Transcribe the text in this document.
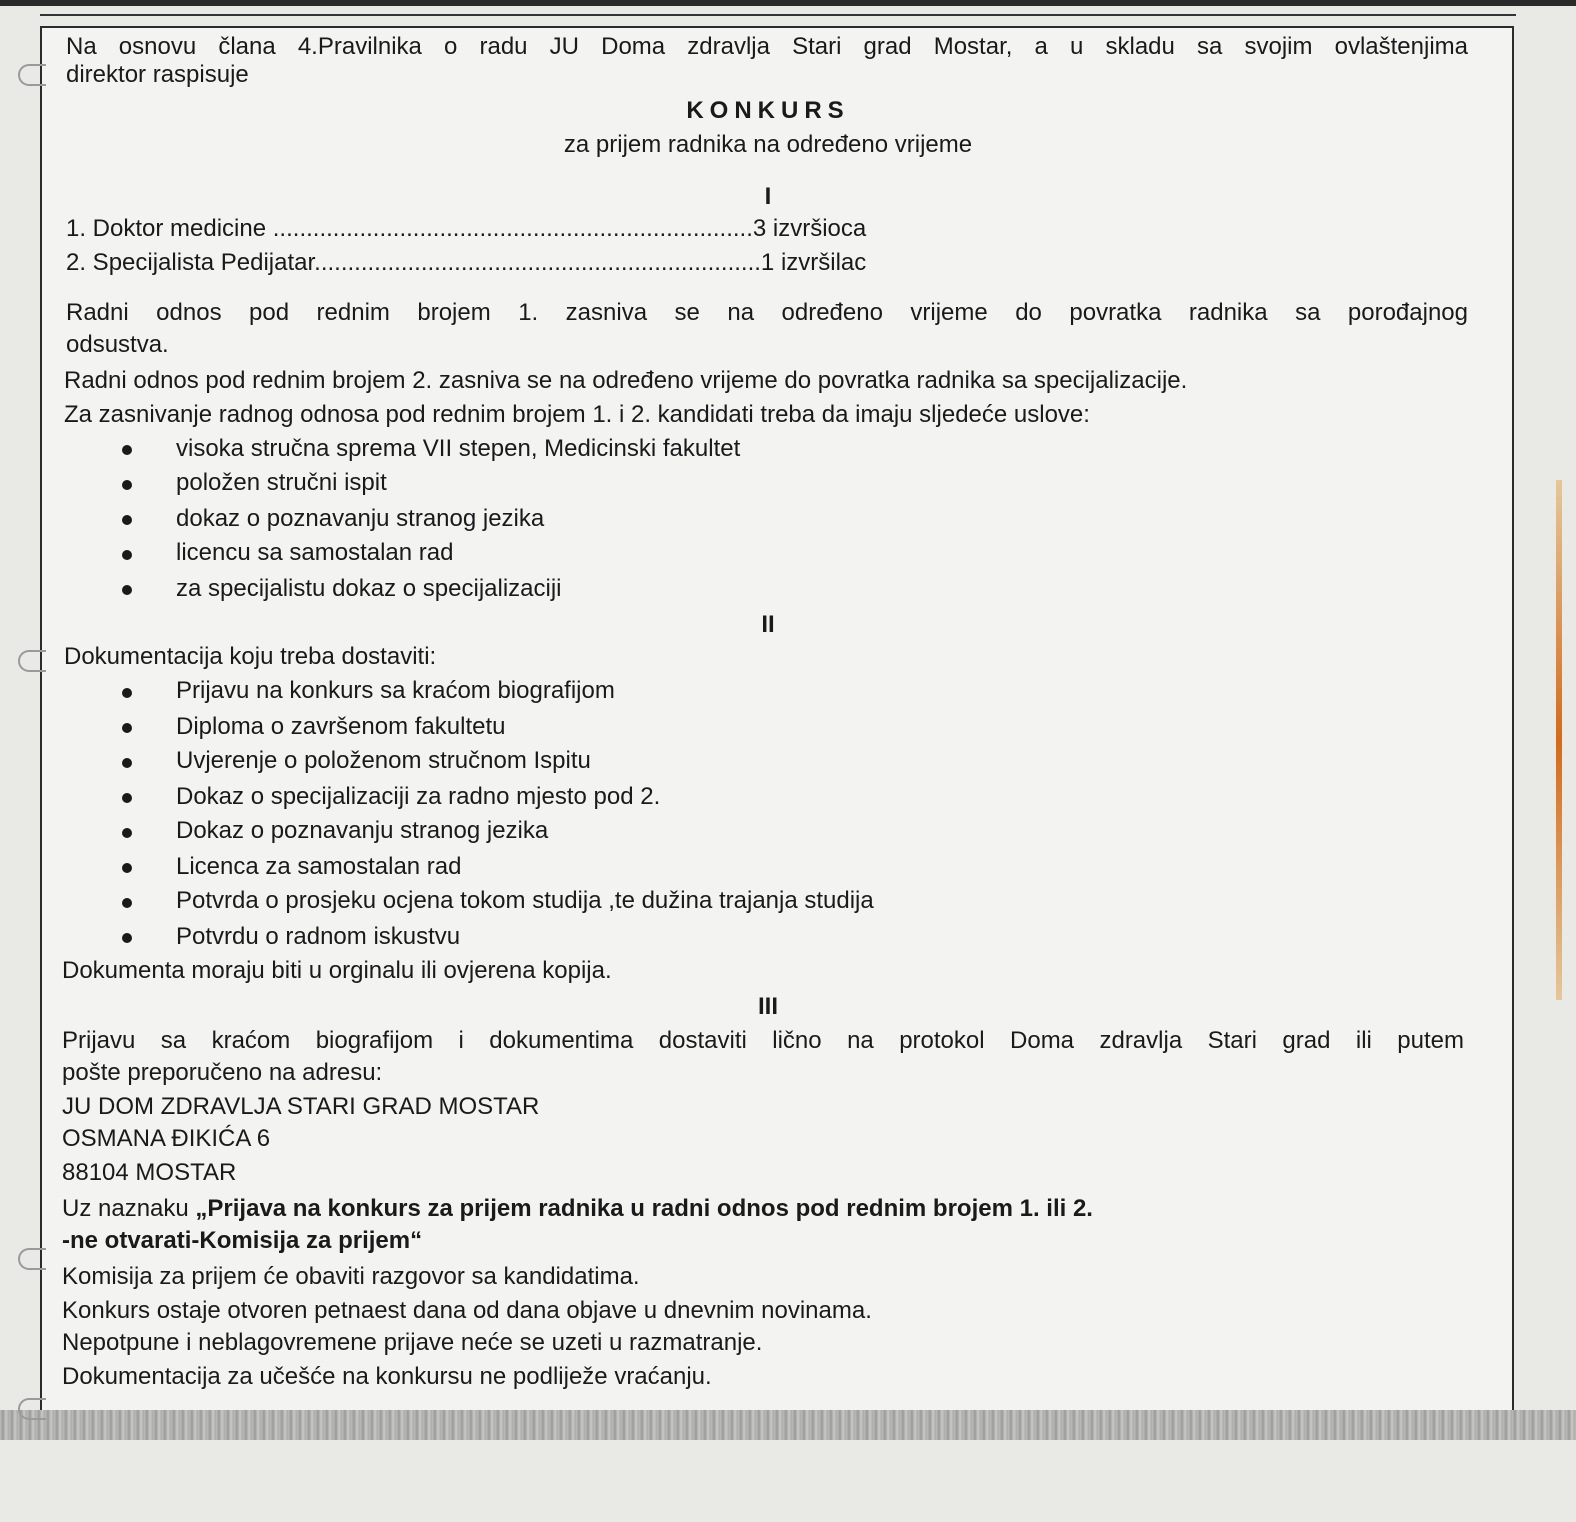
Na osnovu člana 4.Pravilnika o radu JU Doma zdravlja Stari grad Mostar, a u skladu sa svojim ovlaštenjima
direktor raspisuje
KONKURS
za prijem radnika na određeno vrijeme
I
1. Doktor medicine ........................................................................3 izvršioca
2. Specijalista Pedijatar...................................................................1 izvršilac
Radni odnos pod rednim brojem 1. zasniva se na određeno vrijeme do povratka radnika sa porođajnog
odsustva.
Radni odnos pod rednim brojem 2. zasniva se na određeno vrijeme do povratka radnika sa specijalizacije.
Za zasnivanje radnog odnosa pod rednim brojem 1. i 2. kandidati treba da imaju sljedeće uslove:
visoka stručna sprema VII stepen, Medicinski fakultet
položen stručni ispit
dokaz o poznavanju stranog jezika
licencu sa samostalan rad
za specijalistu dokaz o specijalizaciji
II
Dokumentacija koju treba dostaviti:
Prijavu na konkurs sa kraćom biografijom
Diploma o završenom fakultetu
Uvjerenje o položenom stručnom Ispitu
Dokaz o specijalizaciji za radno mjesto pod 2.
Dokaz o poznavanju stranog jezika
Licenca za samostalan rad
Potvrda o prosjeku ocjena tokom studija ,te dužina trajanja studija
Potvrdu o radnom iskustvu
Dokumenta moraju biti u orginalu ili ovjerena kopija.
III
Prijavu sa kraćom biografijom i dokumentima dostaviti lično na protokol Doma zdravlja Stari grad ili putem
pošte preporučeno na adresu:
JU DOM ZDRAVLJA STARI GRAD MOSTAR
OSMANA ĐIKIĆA 6
88104 MOSTAR
Uz naznaku „Prijava na konkurs za prijem radnika u radni odnos pod rednim brojem 1. ili 2.
-ne otvarati-Komisija za prijem“
Komisija za prijem će obaviti razgovor sa kandidatima.
Konkurs ostaje otvoren petnaest dana od dana objave u dnevnim novinama.
Nepotpune i neblagovremene prijave neće se uzeti u razmatranje.
Dokumentacija za učešće na konkursu ne podliježe vraćanju.
